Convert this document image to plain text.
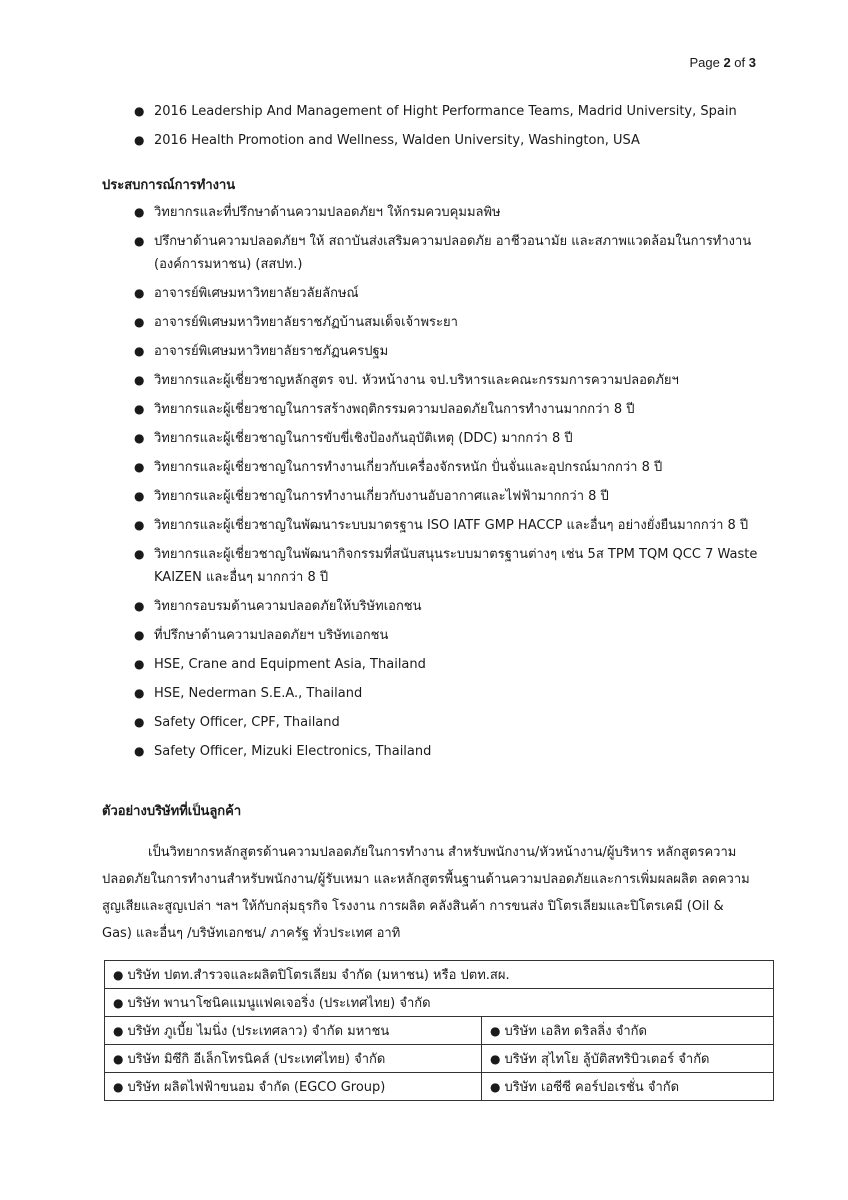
Page 2 of 3
● 2016 Leadership And Management of Hight Performance Teams, Madrid University, Spain
● 2016 Health Promotion and Wellness, Walden University, Washington, USA
ประสบการณ์การทำงาน
● วิทยากรและที่ปรึกษาด้านความปลอดภัยฯ ให้กรมควบคุมมลพิษ
● ปรึกษาด้านความปลอดภัยฯ ให้ สถาบันส่งเสริมความปลอดภัย อาชีวอนามัย และสภาพแวดล้อมในการทำงาน (องค์การมหาชน) (สสปท.)
● อาจารย์พิเศษมหาวิทยาลัยวลัยลักษณ์
● อาจารย์พิเศษมหาวิทยาลัยราชภัฏบ้านสมเด็จเจ้าพระยา
● อาจารย์พิเศษมหาวิทยาลัยราชภัฏนครปฐม
● วิทยากรและผู้เชี่ยวชาญหลักสูตร จป. หัวหน้างาน จป.บริหารและคณะกรรมการความปลอดภัยฯ
● วิทยากรและผู้เชี่ยวชาญในการสร้างพฤติกรรมความปลอดภัยในการทำงานมากกว่า 8 ปี
● วิทยากรและผู้เชี่ยวชาญในการขับขี่เชิงป้องกันอุบัติเหตุ (DDC) มากกว่า 8 ปี
● วิทยากรและผู้เชี่ยวชาญในการทำงานเกี่ยวกับเครื่องจักรหนัก ปั่นจั่นและอุปกรณ์มากกว่า 8 ปี
● วิทยากรและผู้เชี่ยวชาญในการทำงานเกี่ยวกับงานอับอากาศและไฟฟ้ามากกว่า 8 ปี
● วิทยากรและผู้เชี่ยวชาญในพัฒนาระบบมาตรฐาน ISO IATF GMP HACCP และอื่นๆ อย่างยั่งยืนมากกว่า 8 ปี
● วิทยากรและผู้เชี่ยวชาญในพัฒนากิจกรรมที่สนับสนุนระบบมาตรฐานต่างๆ เช่น 5ส TPM TQM QCC 7 Waste KAIZEN และอื่นๆ มากกว่า 8 ปี
● วิทยากรอบรมด้านความปลอดภัยให้บริษัทเอกชน
● ที่ปรึกษาด้านความปลอดภัยฯ บริษัทเอกชน
● HSE, Crane and Equipment Asia, Thailand
● HSE, Nederman S.E.A., Thailand
● Safety Officer, CPF, Thailand
● Safety Officer, Mizuki Electronics, Thailand
ตัวอย่างบริษัทที่เป็นลูกค้า

เป็นวิทยากรหลักสูตรด้านความปลอดภัยในการทำงาน สำหรับพนักงาน/หัวหน้างาน/ผู้บริหาร หลักสูตรความปลอดภัยในการทำงานสำหรับพนักงาน/ผู้รับเหมา และหลักสูตรพื้นฐานด้านความปลอดภัยและการเพิ่มผลผลิต ลดความสูญเสียและสูญเปล่า ฯลฯ ให้กับกลุ่มธุรกิจ โรงงาน การผลิต คลังสินค้า การขนส่ง ปิโตรเลียมและปิโตรเคมี (Oil & Gas) และอื่นๆ /บริษัทเอกชน/ ภาครัฐ ทั่วประเทศ อาทิ

● บริษัท ปตท.สำรวจและผลิตปิโตรเลียม จำกัด (มหาชน) หรือ ปตท.สผ.	
● บริษัท พานาโซนิคแมนูแฟคเจอริ่ง (ประเทศไทย) จำกัด	
● บริษัท ภูเบี้ย ไมนิ่ง (ประเทศลาว) จำกัด มหาชน	● บริษัท เอลิท ดริลลิ่ง จำกัด
● บริษัท มิซึกิ อีเล็กโทรนิคส์ (ประเทศไทย) จำกัด	● บริษัท สุไทโย ลู้บัติสทริบิวเตอร์ จำกัด
● บริษัท ผลิตไฟฟ้าขนอม จำกัด (EGCO Group)	● บริษัท เอซีซี คอร์ปอเรชั่น จำกัด
